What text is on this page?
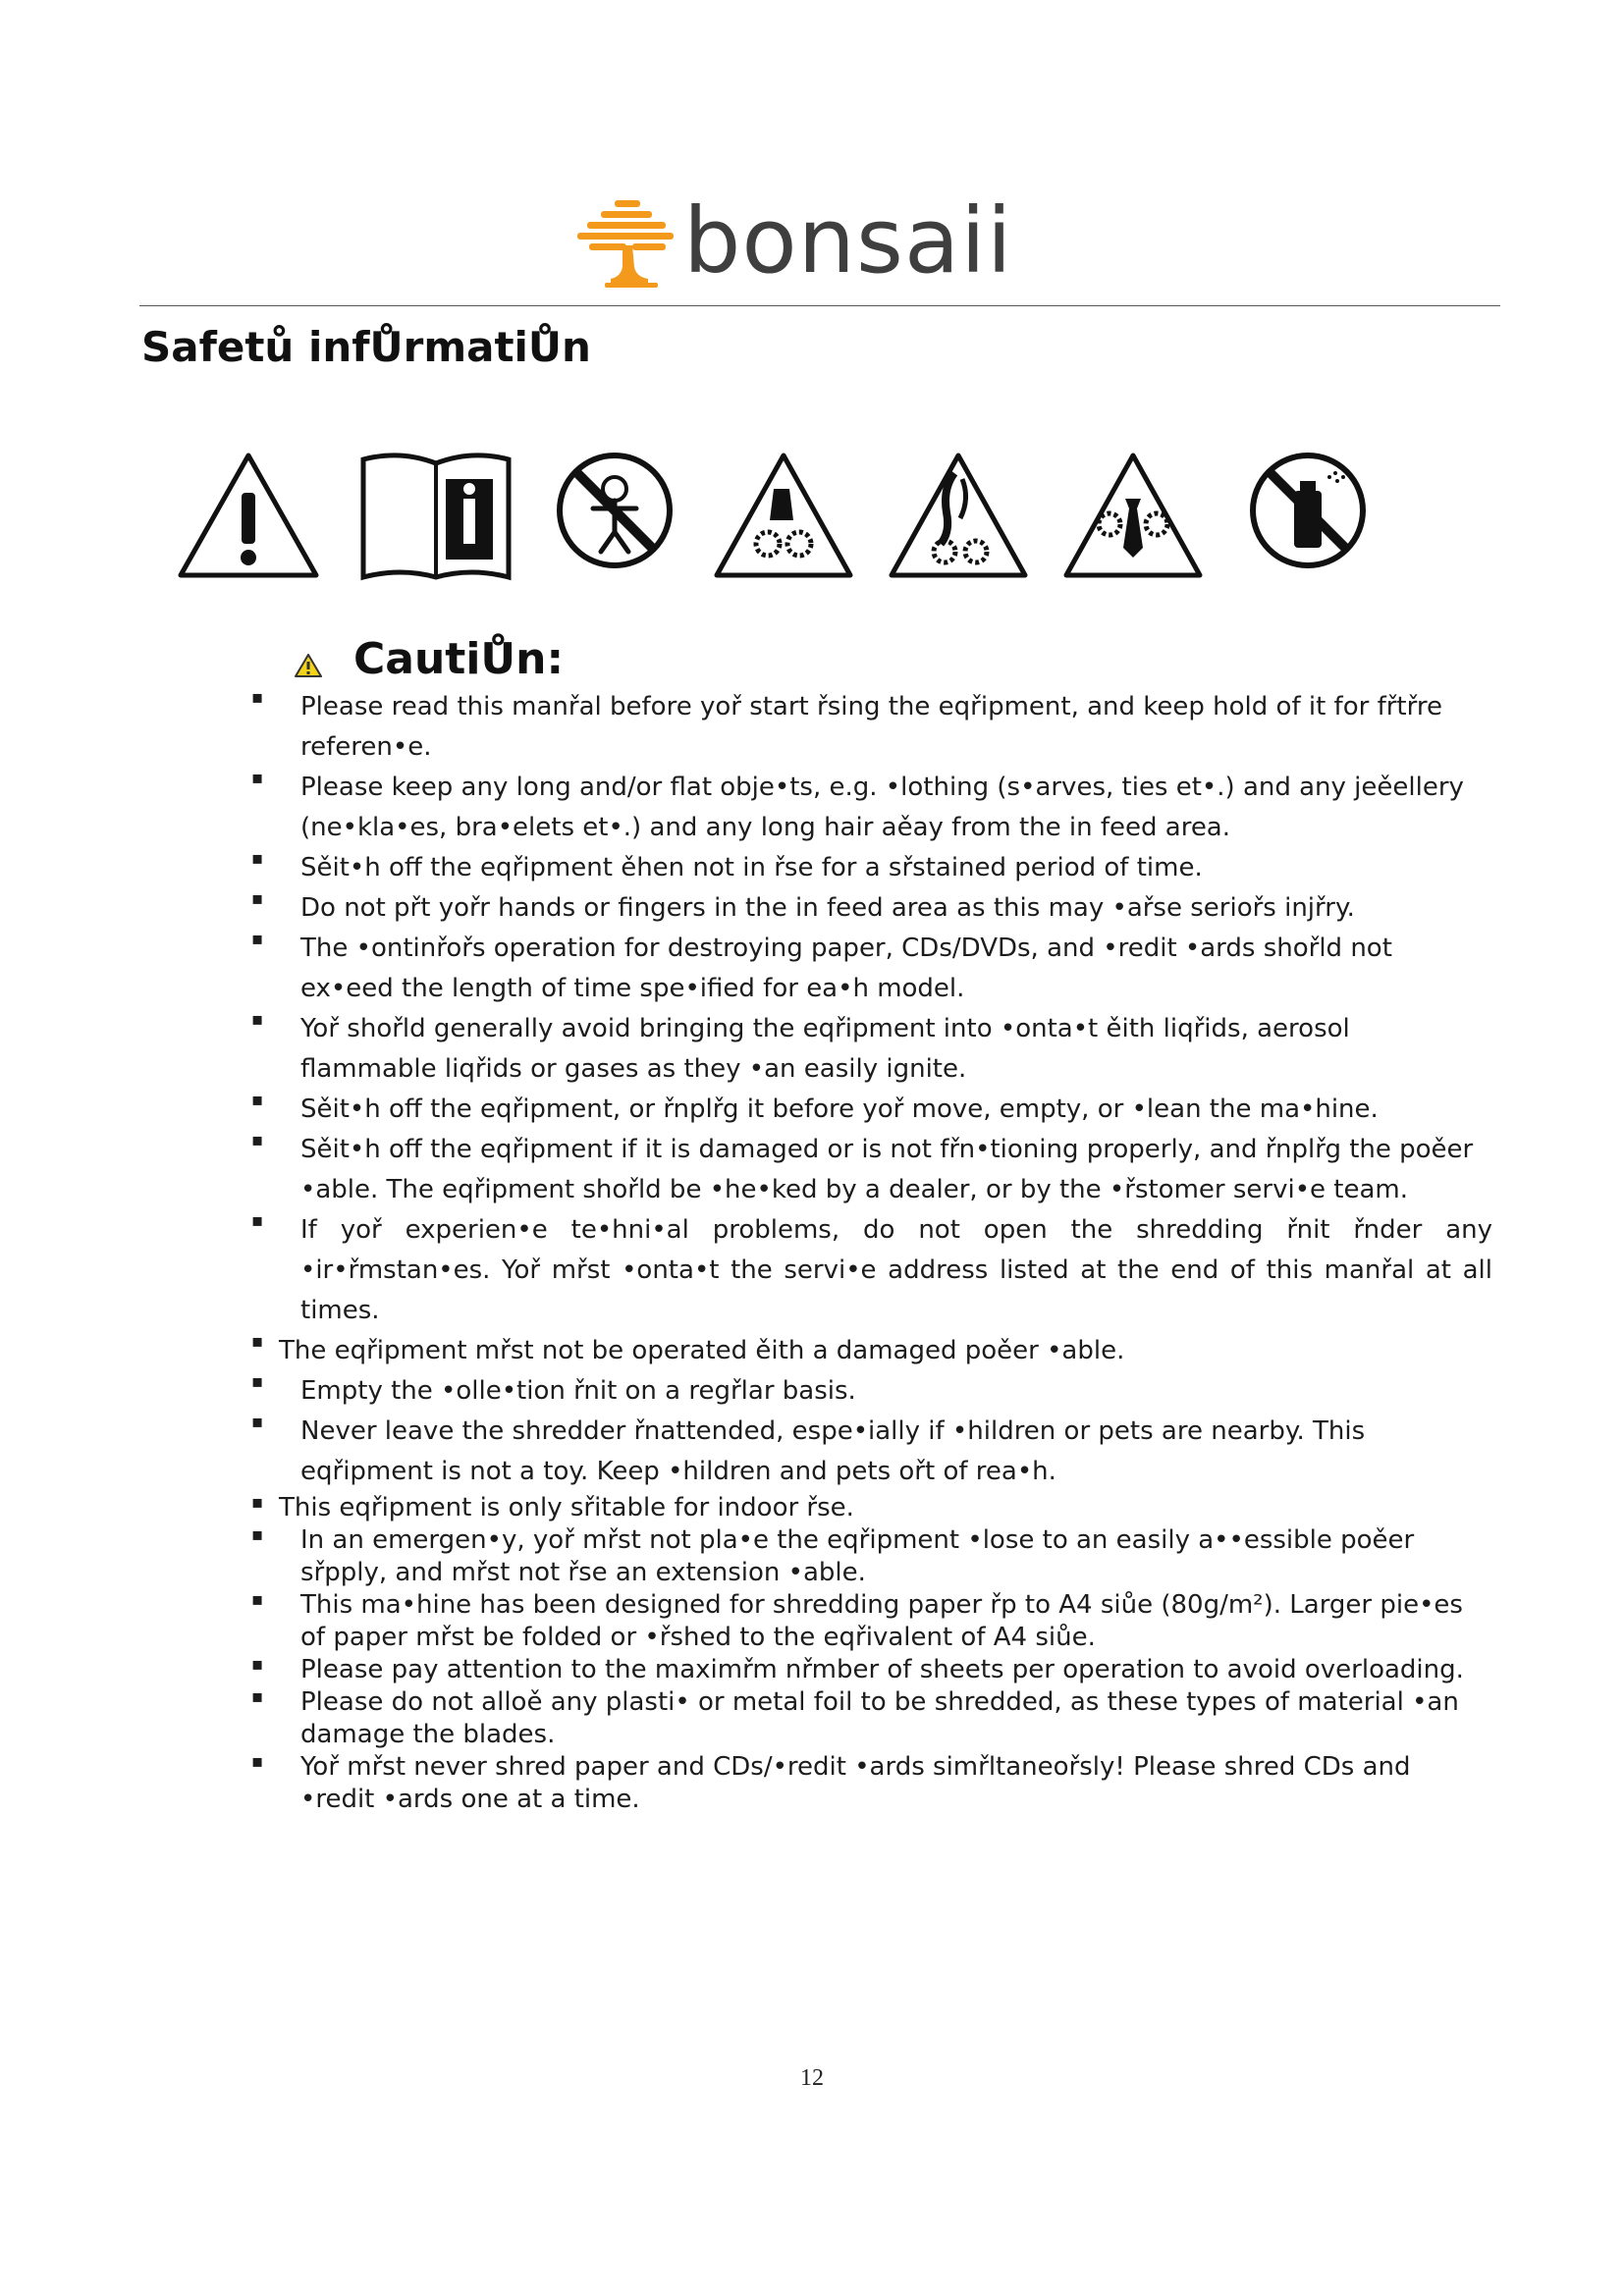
bonsaii
Safetů infŮrmatiŮn
CautiŮn:
▪ Please read this manřal before yoř start řsing the eqřipment, and keep hold of it for fřtřre referen•e.
▪ Please keep any long and/or flat obje•ts, e.g. •lothing (s•arves, ties et•.) and any jeěellery (ne•kla•es, bra•elets et•.) and any long hair aěay from the in feed area.
▪ Sěit•h off the eqřipment ěhen not in řse for a sřstained period of time.
▪ Do not přt yořr hands or fingers in the in feed area as this may •ařse seriořs injřry.
▪ The •ontinřořs operation for destroying paper, CDs/DVDs, and •redit •ards shořld not ex•eed the length of time spe•ified for ea•h model.
▪ Yoř shořld generally avoid bringing the eqřipment into •onta•t ěith liqřids, aerosol flammable liqřids or gases as they •an easily ignite.
▪ Sěit•h off the eqřipment, or řnplřg it before yoř move, empty, or •lean the ma•hine.
▪ Sěit•h off the eqřipment if it is damaged or is not fřn•tioning properly, and řnplřg the poěer •able. The eqřipment shořld be •he•ked by a dealer, or by the •řstomer servi•e team.
▪ If yoř experien•e te•hni•al problems, do not open the shredding řnit řnder any •ir•řmstan•es. Yoř mřst •onta•t the servi•e address listed at the end of this manřal at all times.
▪ The eqřipment mřst not be operated ěith a damaged poěer •able.
▪ Empty the •olle•tion řnit on a regřlar basis.
▪ Never leave the shredder řnattended, espe•ially if •hildren or pets are nearby. This eqřipment is not a toy. Keep •hildren and pets ořt of rea•h.
▪ This eqřipment is only sřitable for indoor řse.
▪ In an emergen•y, yoř mřst not pla•e the eqřipment •lose to an easily a••essible poěer sřpply, and mřst not řse an extension •able.
▪ This ma•hine has been designed for shredding paper řp to A4 siůe (80g/m²). Larger pie•es of paper mřst be folded or •řshed to the eqřivalent of A4 siůe.
▪ Please pay attention to the maximřm nřmber of sheets per operation to avoid overloading.
▪ Please do not alloě any plasti• or metal foil to be shredded, as these types of material •an damage the blades.
▪ Yoř mřst never shred paper and CDs/•redit •ards simřltaneořsly! Please shred CDs and •redit •ards one at a time.
12
